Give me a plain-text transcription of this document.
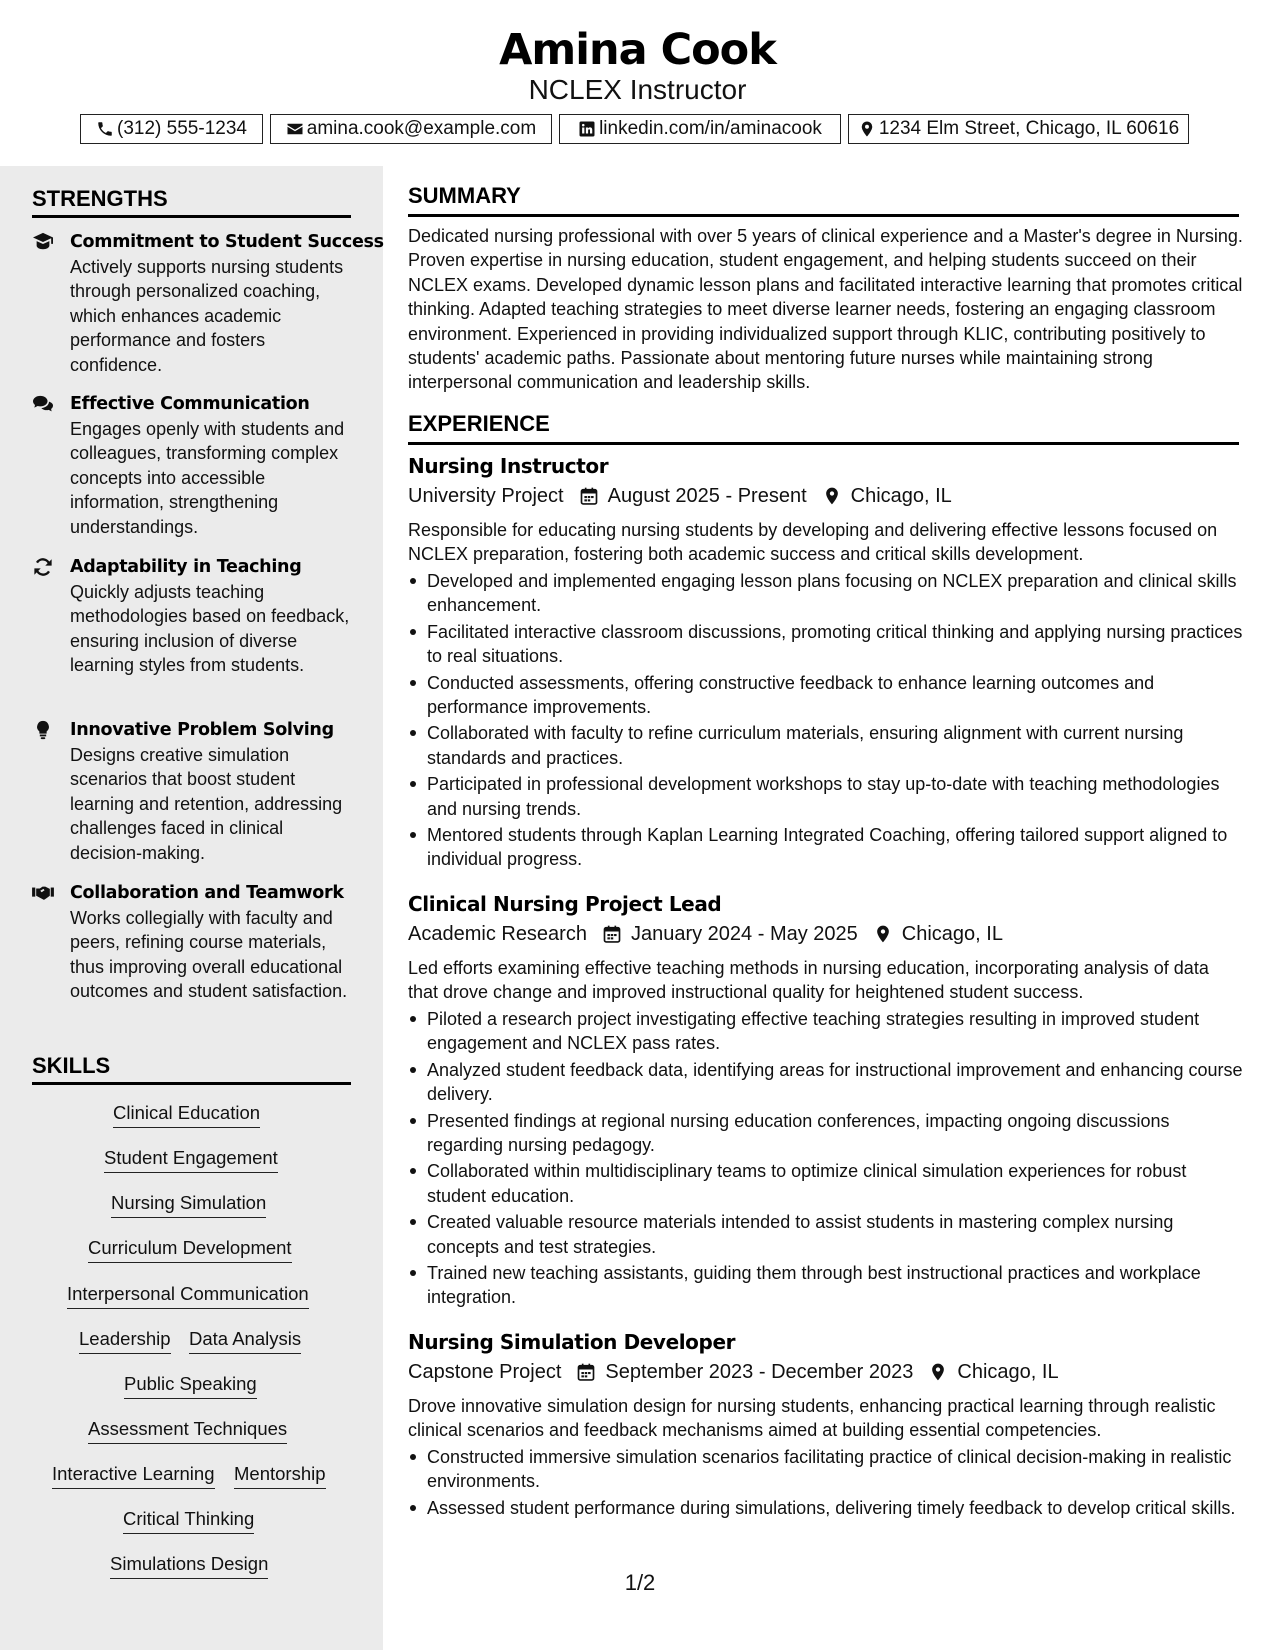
Amina Cook
NCLEX Instructor
(312) 555-1234	amina.cook@example.com	linkedin.com/in/aminacook	1234 Elm Street, Chicago, IL 60616
STRENGTHS
Commitment to Student Success
Actively supports nursing students through personalized coaching, which enhances academic performance and fosters confidence.
Effective Communication
Engages openly with students and colleagues, transforming complex concepts into accessible information, strengthening understandings.
Adaptability in Teaching
Quickly adjusts teaching methodologies based on feedback, ensuring inclusion of diverse learning styles from students.
Innovative Problem Solving
Designs creative simulation scenarios that boost student learning and retention, addressing challenges faced in clinical decision-making.
Collaboration and Teamwork
Works collegially with faculty and peers, refining course materials, thus improving overall educational outcomes and student satisfaction.
SKILLS
Clinical Education
Student Engagement
Nursing Simulation
Curriculum Development
Interpersonal Communication
Leadership Data Analysis
Public Speaking
Assessment Techniques
Interactive Learning Mentorship
Critical Thinking
Simulations Design
SUMMARY
Dedicated nursing professional with over 5 years of clinical experience and a Master's degree in Nursing. Proven expertise in nursing education, student engagement, and helping students succeed on their NCLEX exams. Developed dynamic lesson plans and facilitated interactive learning that promotes critical thinking. Adapted teaching strategies to meet diverse learner needs, fostering an engaging classroom environment. Experienced in providing individualized support through KLIC, contributing positively to students' academic paths. Passionate about mentoring future nurses while maintaining strong interpersonal communication and leadership skills.
EXPERIENCE
Nursing Instructor
University Project August 2025 - Present Chicago, IL
Responsible for educating nursing students by developing and delivering effective lessons focused on NCLEX preparation, fostering both academic success and critical skills development.
Developed and implemented engaging lesson plans focusing on NCLEX preparation and clinical skills enhancement.
Facilitated interactive classroom discussions, promoting critical thinking and applying nursing practices to real situations.
Conducted assessments, offering constructive feedback to enhance learning outcomes and performance improvements.
Collaborated with faculty to refine curriculum materials, ensuring alignment with current nursing standards and practices.
Participated in professional development workshops to stay up-to-date with teaching methodologies and nursing trends.
Mentored students through Kaplan Learning Integrated Coaching, offering tailored support aligned to individual progress.
Clinical Nursing Project Lead
Academic Research January 2024 - May 2025 Chicago, IL
Led efforts examining effective teaching methods in nursing education, incorporating analysis of data that drove change and improved instructional quality for heightened student success.
Piloted a research project investigating effective teaching strategies resulting in improved student engagement and NCLEX pass rates.
Analyzed student feedback data, identifying areas for instructional improvement and enhancing course delivery.
Presented findings at regional nursing education conferences, impacting ongoing discussions regarding nursing pedagogy.
Collaborated within multidisciplinary teams to optimize clinical simulation experiences for robust student education.
Created valuable resource materials intended to assist students in mastering complex nursing concepts and test strategies.
Trained new teaching assistants, guiding them through best instructional practices and workplace integration.
Nursing Simulation Developer
Capstone Project September 2023 - December 2023 Chicago, IL
Drove innovative simulation design for nursing students, enhancing practical learning through realistic clinical scenarios and feedback mechanisms aimed at building essential competencies.
Constructed immersive simulation scenarios facilitating practice of clinical decision-making in realistic environments.
Assessed student performance during simulations, delivering timely feedback to develop critical skills.
1/2
